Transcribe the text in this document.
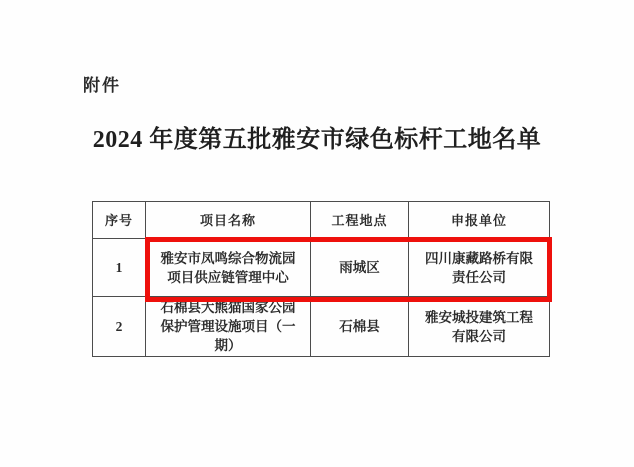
附件
2024 年度第五批雅安市绿色标杆工地名单
序号	项目名称	工程地点	申报单位
1	雅安市凤鸣综合物流园项目供应链管理中心	雨城区	四川康藏路桥有限责任公司
2	石棉县大熊猫国家公园保护管理设施项目（一期）	石棉县	雅安城投建筑工程有限公司
